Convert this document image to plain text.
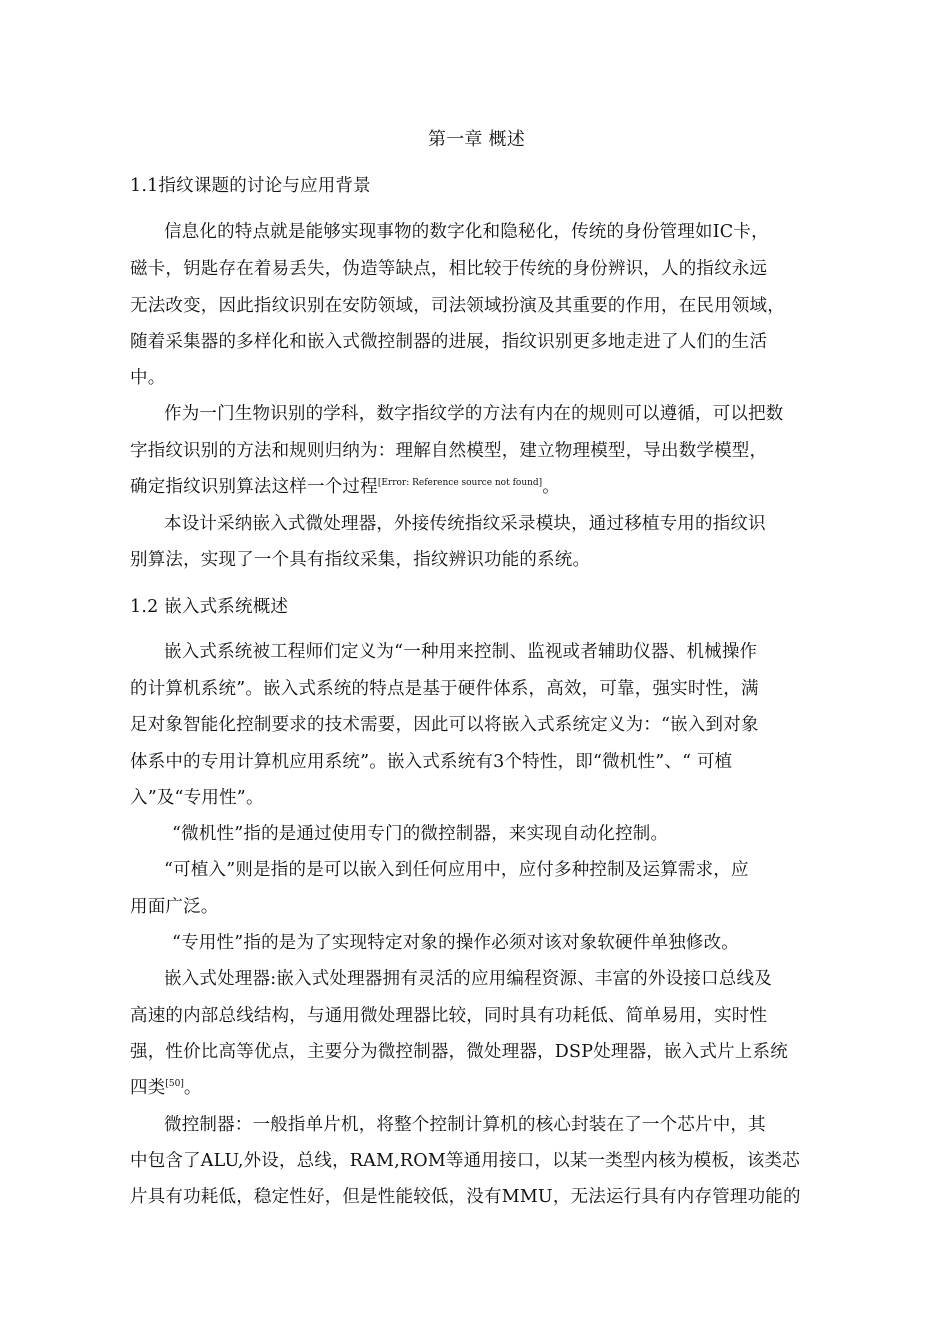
第一章 概述
1.1指纹课题的讨论与应用背景
信息化的特点就是能够实现事物的数字化和隐秘化，传统的身份管理如IC卡，
磁卡，钥匙存在着易丢失，伪造等缺点，相比较于传统的身份辨识，人的指纹永远
无法改变，因此指纹识别在安防领域，司法领域扮演及其重要的作用，在民用领域，
随着采集器的多样化和嵌入式微控制器的进展，指纹识别更多地走进了人们的生活
中。
作为一门生物识别的学科，数字指纹学的方法有内在的规则可以遵循，可以把数
字指纹识别的方法和规则归纳为：理解自然模型，建立物理模型，导出数学模型，
确定指纹识别算法这样一个过程[Error: Reference source not found]。
本设计采纳嵌入式微处理器，外接传统指纹采录模块，通过移植专用的指纹识
别算法，实现了一个具有指纹采集，指纹辨识功能的系统。
1.2 嵌入式系统概述
嵌入式系统被工程师们定义为“一种用来控制、监视或者辅助仪器、机械操作
的计算机系统”。嵌入式系统的特点是基于硬件体系，高效，可靠，强实时性，满
足对象智能化控制要求的技术需要，因此可以将嵌入式系统定义为：“嵌入到对象
体系中的专用计算机应用系统”。嵌入式系统有3个特性，即“微机性”、“ 可植
入”及“专用性”。
“微机性”指的是通过使用专门的微控制器，来实现自动化控制。
“可植入”则是指的是可以嵌入到任何应用中，应付多种控制及运算需求，应
用面广泛。
“专用性”指的是为了实现特定对象的操作必须对该对象软硬件单独修改。
嵌入式处理器:嵌入式处理器拥有灵活的应用编程资源、丰富的外设接口总线及
高速的内部总线结构，与通用微处理器比较，同时具有功耗低、简单易用，实时性
强，性价比高等优点，主要分为微控制器，微处理器，DSP处理器，嵌入式片上系统
四类[50]。
微控制器：一般指单片机，将整个控制计算机的核心封装在了一个芯片中，其
中包含了ALU,外设，总线，RAM,ROM等通用接口，以某一类型内核为模板，该类芯
片具有功耗低，稳定性好，但是性能较低，没有MMU，无法运行具有内存管理功能的
